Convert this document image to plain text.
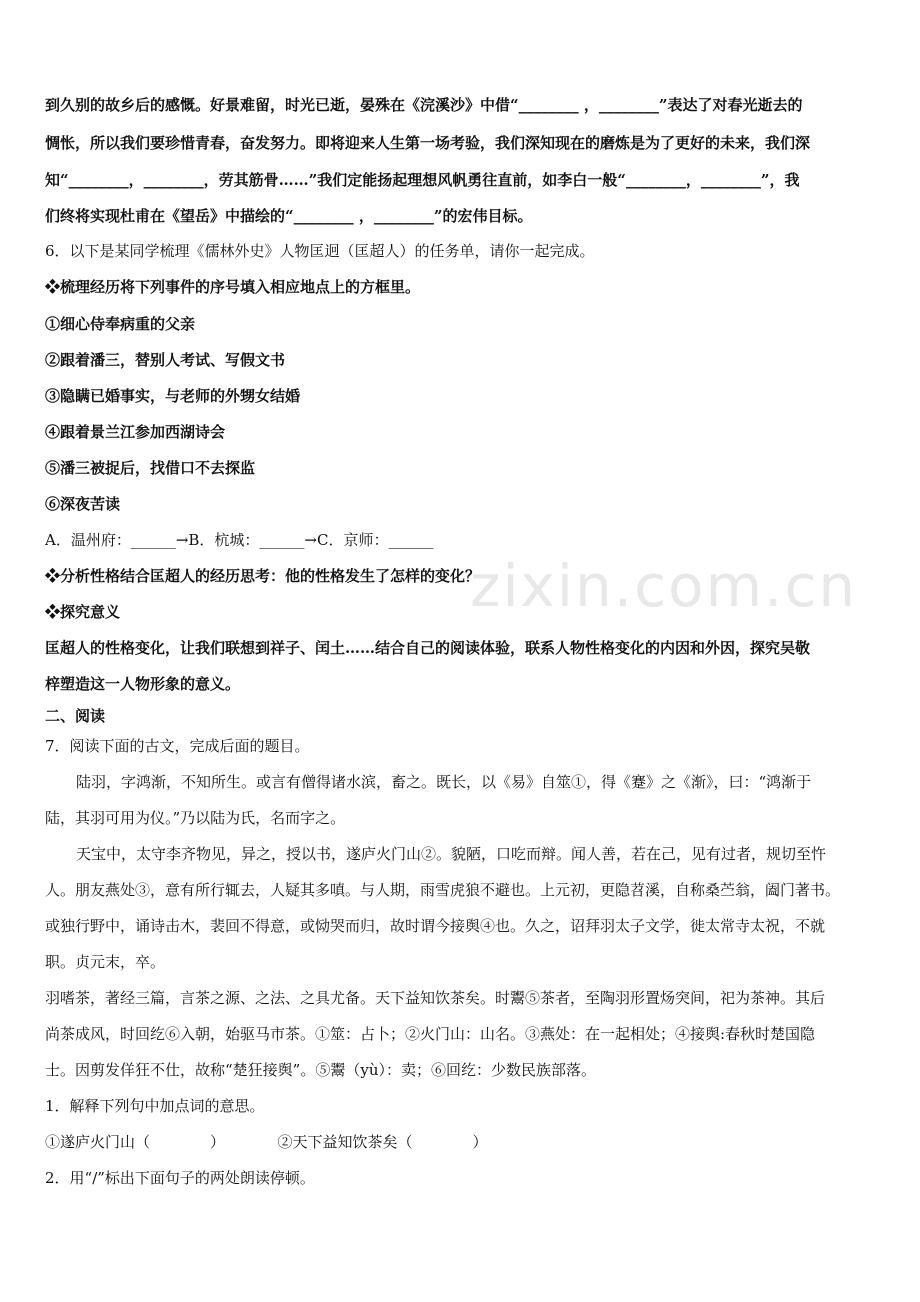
zixin.com.cn
到久别的故乡后的感慨。好景难留，时光已逝，晏殊在《浣溪沙》中借“________ ，________”表达了对春光逝去的
惆怅，所以我们要珍惜青春，奋发努力。即将迎来人生第一场考验，我们深知现在的磨炼是为了更好的未来，我们深
知“________，________，劳其筋骨……”我们定能扬起理想风帆勇往直前，如李白一般“________，________”，我
们终将实现杜甫在《望岳》中描绘的“________ ，________”的宏伟目标。
6．以下是某同学梳理《儒林外史》人物匡迥（匡超人）的任务单，请你一起完成。
❖梳理经历将下列事件的序号填入相应地点上的方框里。
①细心侍奉病重的父亲
②跟着潘三，替别人考试、写假文书
③隐瞒已婚事实，与老师的外甥女结婚
④跟着景兰江参加西湖诗会
⑤潘三被捉后，找借口不去探监
⑥深夜苦读
A．温州府：______→B．杭城：______→C．京师：______
❖分析性格结合匡超人的经历思考：他的性格发生了怎样的变化？
❖探究意义
匡超人的性格变化，让我们联想到祥子、闰土……结合自己的阅读体验，联系人物性格变化的内因和外因，探究吴敬
梓塑造这一人物形象的意义。
二、阅读
7．阅读下面的古文，完成后面的题目。
陆羽，字鸿渐，不知所生。或言有僧得诸水滨，畜之。既长，以《易》自筮①，得《蹇》之《渐》，曰：“鸿渐于
陆，其羽可用为仪。”乃以陆为氏，名而字之。
天宝中，太守李齐物见，异之，授以书，遂庐火门山②。貌陋，口吃而辩。闻人善，若在己，见有过者，规切至忤
人。朋友燕处③，意有所行辄去，人疑其多嗔。与人期，雨雪虎狼不避也。上元初，更隐苕溪，自称桑苎翁，阖门著书。
或独行野中，诵诗击木，裴回不得意，或恸哭而归，故时谓今接舆④也。久之，诏拜羽太子文学，徙太常寺太祝，不就
职。贞元末，卒。
羽嗜茶，著经三篇，言茶之源、之法、之具尤备。天下益知饮茶矣。时鬻⑤茶者，至陶羽形置炀突间，祀为茶神。其后
尚茶成风，时回纥⑥入朝，始驱马市茶。①筮：占卜；②火门山：山名。③燕处：在一起相处；④接舆:春秋时楚国隐
士。因剪发佯狂不仕，故称“楚狂接舆”。⑤鬻（yù）：卖；⑥回纥：少数民族部落。
1．解释下列句中加点词的意思。
①遂庐火门山（　　　　）　　　　②天下益知饮茶矣（　　　　）
2．用“/”标出下面句子的两处朗读停顿。
